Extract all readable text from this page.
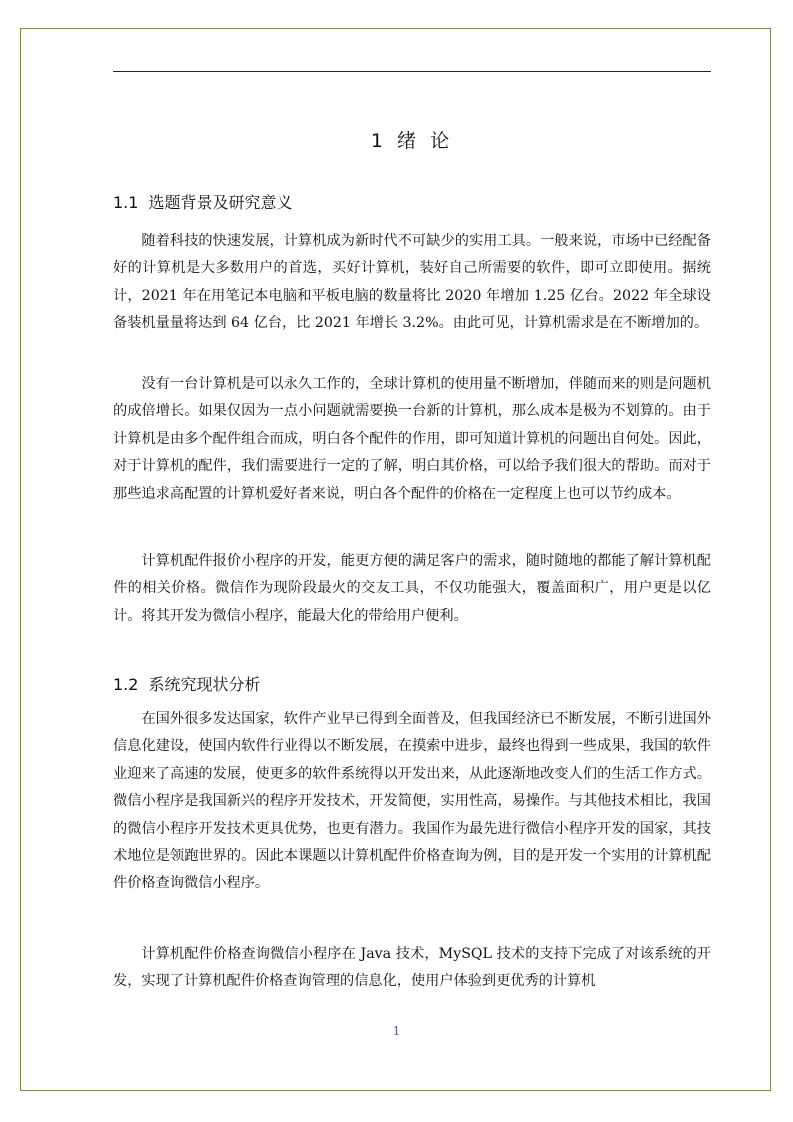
1 绪 论
1.1 选题背景及研究意义

随着科技的快速发展，计算机成为新时代不可缺少的实用工具。一般来说，市场中已经配备好的计算机是大多数用户的首选，买好计算机，装好自己所需要的软件，即可立即使用。据统计，2021 年在用笔记本电脑和平板电脑的数量将比 2020 年增加 1.25 亿台。2022 年全球设备装机量量将达到 64 亿台，比 2021 年增长 3.2%。由此可见，计算机需求是在不断增加的。

没有一台计算机是可以永久工作的，全球计算机的使用量不断增加，伴随而来的则是问题机的成倍增长。如果仅因为一点小问题就需要换一台新的计算机，那么成本是极为不划算的。由于计算机是由多个配件组合而成，明白各个配件的作用，即可知道计算机的问题出自何处。因此，对于计算机的配件，我们需要进行一定的了解，明白其价格，可以给予我们很大的帮助。而对于那些追求高配置的计算机爱好者来说，明白各个配件的价格在一定程度上也可以节约成本。

计算机配件报价小程序的开发，能更方便的满足客户的需求，随时随地的都能了解计算机配件的相关价格。微信作为现阶段最火的交友工具，不仅功能强大，覆盖面积广，用户更是以亿计。将其开发为微信小程序，能最大化的带给用户便利。

1.2 系统究现状分析

在国外很多发达国家，软件产业早已得到全面普及，但我国经济已不断发展，不断引进国外信息化建设，使国内软件行业得以不断发展，在摸索中进步，最终也得到一些成果，我国的软件业迎来了高速的发展，使更多的软件系统得以开发出来，从此逐渐地改变人们的生活工作方式。微信小程序是我国新兴的程序开发技术，开发简便，实用性高，易操作。与其他技术相比，我国的微信小程序开发技术更具优势，也更有潜力。我国作为最先进行微信小程序开发的国家，其技术地位是领跑世界的。因此本课题以计算机配件价格查询为例，目的是开发一个实用的计算机配件价格查询微信小程序。

计算机配件价格查询微信小程序在 Java 技术，MySQL 技术的支持下完成了对该系统的开发，实现了计算机配件价格查询管理的信息化，使用户体验到更优秀的计算机

1
